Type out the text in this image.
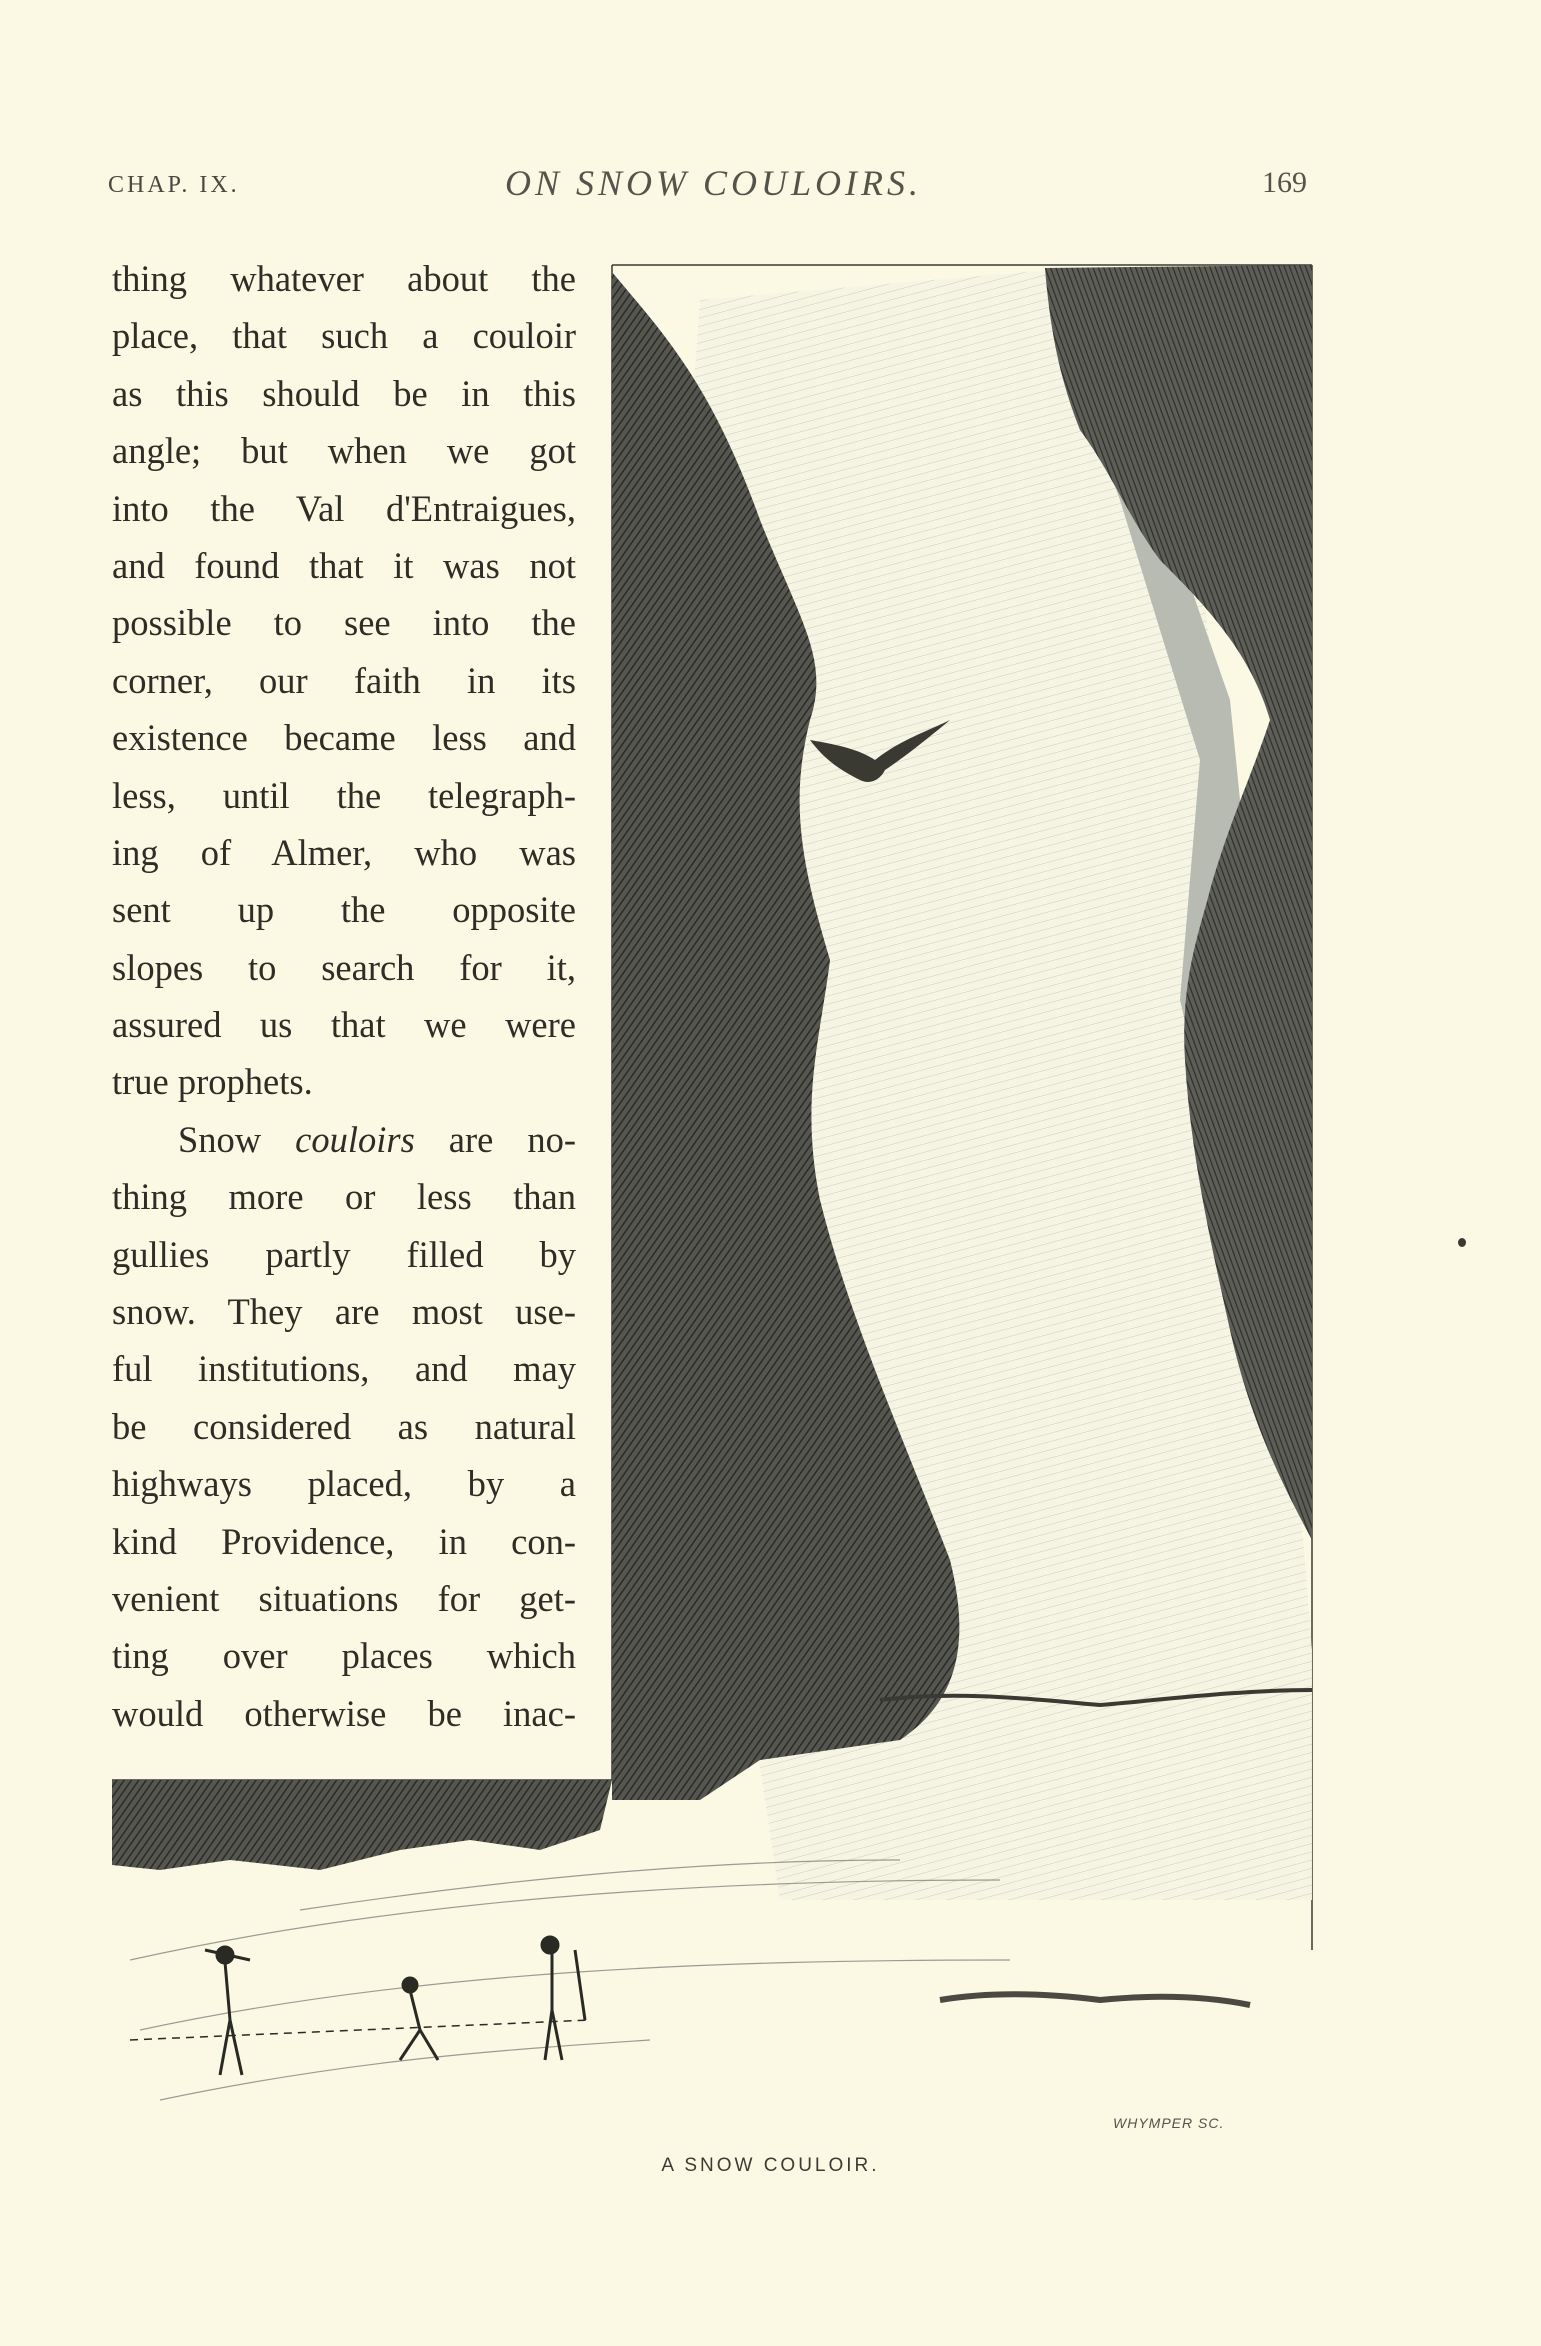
CHAP. IX.	ON SNOW COULOIRS.	169
thing whatever about the
place, that such a couloir
as this should be in this
angle; but when we got
into the Val d'Entraigues,
and found that it was not
possible to see into the
corner, our faith in its
existence became less and
less, until the telegraph-
ing of Almer, who was
sent up the opposite
slopes to search for it,
assured us that we were
true prophets.
Snow couloirs are no-
thing more or less than
gullies partly filled by
snow. They are most use-
ful institutions, and may
be considered as natural
highways placed, by a
kind Providence, in con-
venient situations for get-
ting over places which
would otherwise be inac-
WHYMPER SC.
A SNOW COULOIR.
